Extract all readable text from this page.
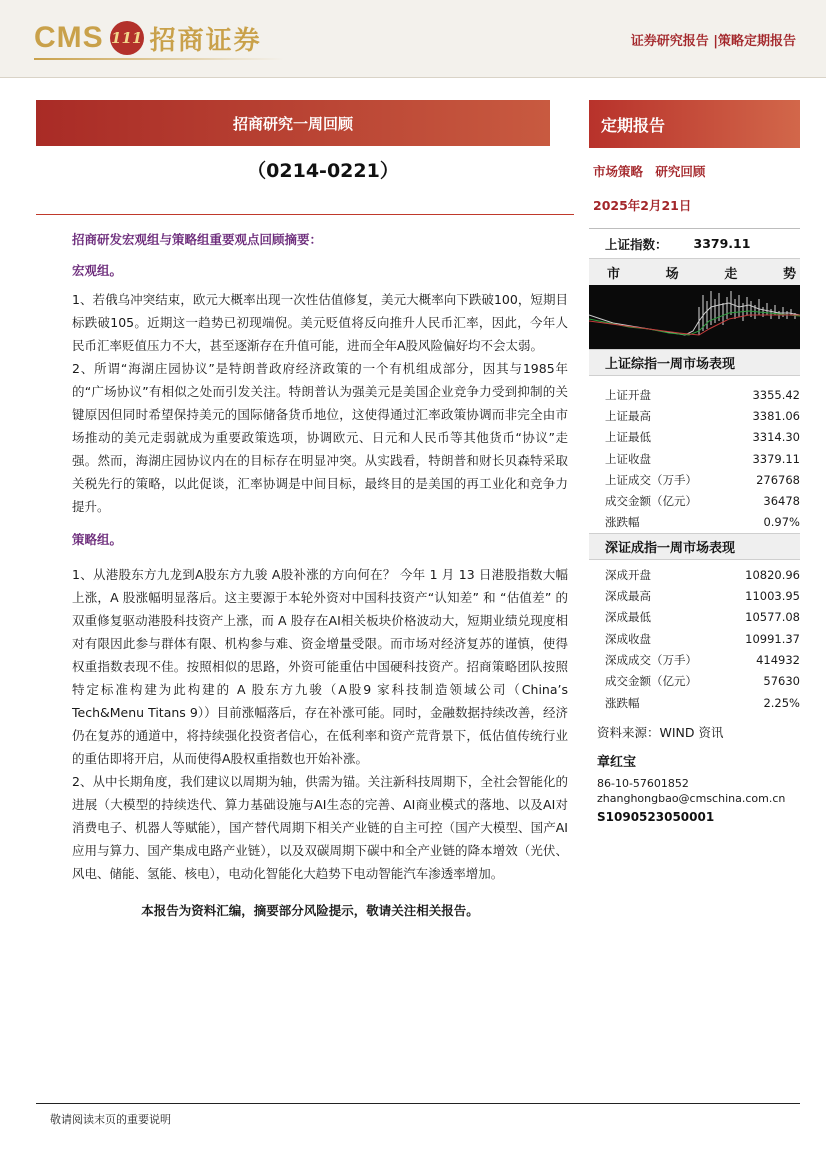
CMS 111 招商证券	证券研究报告 |策略定期报告
招商研究一周回顾
（0214-0221）
招商研发宏观组与策略组重要观点回顾摘要：
宏观组。

1、若俄乌冲突结束，欧元大概率出现一次性估值修复，美元大概率向下跌破100，短期目标跌破105。近期这一趋势已初现端倪。美元贬值将反向推升人民币汇率，因此，今年人民币汇率贬值压力不大，甚至逐渐存在升值可能，进而全年A股风险偏好均不会太弱。

2、所谓“海湖庄园协议”是特朗普政府经济政策的一个有机组成部分，因其与1985年的“广场协议”有相似之处而引发关注。特朗普认为强美元是美国企业竞争力受到抑制的关键原因但同时希望保持美元的国际储备货币地位，这使得通过汇率政策协调而非完全由市场推动的美元走弱就成为重要政策选项，协调欧元、日元和人民币等其他货币“协议”走强。然而，海湖庄园协议内在的目标存在明显冲突。从实践看，特朗普和财长贝森特采取关税先行的策略，以此促谈，汇率协调是中间目标，最终目的是美国的再工业化和竞争力提升。

策略组。

1、从港股东方九龙到A股东方九骏 A股补涨的方向何在？ 今年 1 月 13 日港股指数大幅上涨，A 股涨幅明显落后。这主要源于本轮外资对中国科技资产“认知差” 和 “估值差” 的双重修复驱动港股科技资产上涨，而 A 股存在AI相关板块价格波动大，短期业绩兑现度相对有限因此参与群体有限、机构参与难、资金增量受限。而市场对经济复苏的谨慎，使得权重指数表现不佳。按照相似的思路，外资可能重估中国硬科技资产。招商策略团队按照特定标准构建为此构建的 A 股东方九骏（A股9 家科技制造领域公司（China’s Tech&Menu Titans 9））目前涨幅落后，存在补涨可能。同时，金融数据持续改善，经济仍在复苏的通道中，将持续强化投资者信心，在低利率和资产荒背景下，低估值传统行业的重估即将开启，从而使得A股权重指数也开始补涨。

2、从中长期角度，我们建议以周期为轴，供需为锚。关注新科技周期下，全社会智能化的进展（大模型的持续迭代、算力基础设施与AI生态的完善、AI商业模式的落地、以及AI对消费电子、机器人等赋能），国产替代周期下相关产业链的自主可控（国产大模型、国产AI应用与算力、国产集成电路产业链），以及双碳周期下碳中和全产业链的降本增效（光伏、风电、储能、氢能、核电），电动化智能化大趋势下电动智能汽车渗透率增加。

本报告为资料汇编，摘要部分风险提示，敬请关注相关报告。
定期报告
市场策略 研究回顾
2025年2月21日
上证指数： 3379.11
市	场	走	势
上证综指一周市场表现
上证开盘	3355.42
上证最高	3381.06
上证最低	3314.30
上证收盘	3379.11
上证成交（万手）	276768
成交金额（亿元）	36478
涨跌幅	0.97%
深证成指一周市场表现
深成开盘	10820.96
深成最高	11003.95
深成最低	10577.08
深成收盘	10991.37
深成成交（万手）	414932
成交金额（亿元）	57630
涨跌幅	2.25%
资料来源：WIND 资讯
章红宝
86-10-57601852
zhanghongbao@cmschina.com.cn
S1090523050001
敬请阅读末页的重要说明
